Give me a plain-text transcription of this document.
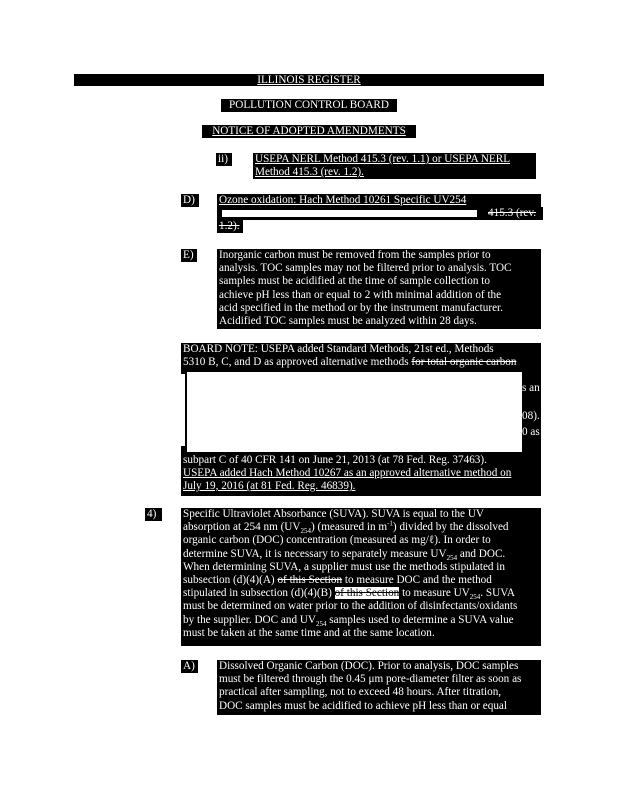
ILLINOIS REGISTER
POLLUTION CONTROL BOARD
NOTICE OF ADOPTED AMENDMENTS
ii)	USEPA NERL Method 415.3 (rev. 1.1) or USEPA NERL
Method 415.3 (rev. 1.2).
D)	Ozone oxidation: Hach Method 10261 Specific UV254
415.3 (rev.
1.2).
E)	Inorganic carbon must be removed from the samples prior to
analysis. TOC samples may not be filtered prior to analysis. TOC
samples must be acidified at the time of sample collection to
achieve pH less than or equal to 2 with minimal addition of the
acid specified in the method or by the instrument manufacturer.
Acidified TOC samples must be analyzed within 28 days.
BOARD NOTE: USEPA added Standard Methods, 21st ed., Methods
5310 B, C, and D as approved alternative methods for total organic carbon
s an
08).
0 as
subpart C of 40 CFR 141 on June 21, 2013 (at 78 Fed. Reg. 37463).
USEPA added Hach Method 10267 as an approved alternative method on
July 19, 2016 (at 81 Fed. Reg. 46839).
4)	Specific Ultraviolet Absorbance (SUVA). SUVA is equal to the UV
absorption at 254 nm $(UV_{254})$ (measured in $m^{-1}$) divided by the dissolved
organic carbon (DOC) concentration (measured as mg/ℓ). In order to
determine SUVA, it is necessary to separately measure $UV_{254}$ and DOC.
When determining SUVA, a supplier must use the methods stipulated in
subsection (d)(4)(A) of this Section to measure DOC and the method
stipulated in subsection (d)(4)(B) of this Section to measure $UV_{254}$. SUVA
must be determined on water prior to the addition of disinfectants/oxidants
by the supplier. DOC and $UV_{254}$ samples used to determine a SUVA value
must be taken at the same time and at the same location.
A) Dissolved Organic Carbon (DOC). Prior to analysis, DOC samples
must be filtered through the 0.45 μm pore-diameter filter as soon as
practical after sampling, not to exceed 48 hours. After titration,
DOC samples must be acidified to achieve pH less than or equal
